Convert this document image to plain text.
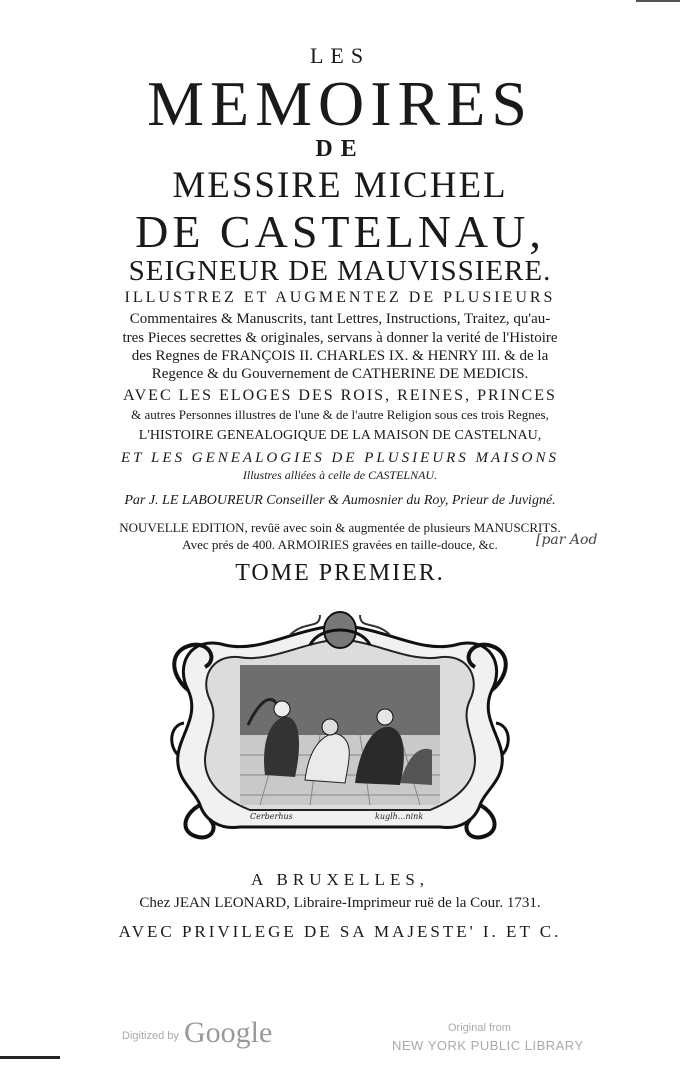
LES
MEMOIRES
DE
MESSIRE MICHEL
DE CASTELNAU,
SEIGNEUR DE MAUVISSIERE.
ILLUSTREZ ET AUGMENTEZ DE PLUSIEURS
Commentaires & Manuscrits, tant Lettres, Instructions, Traitez, qu'au-
tres Pieces secrettes & originales, servans à donner la verité de l'Histoire
des Regnes de FRANÇOIS II. CHARLES IX. & HENRY III. & de la
Regence & du Gouvernement de CATHERINE DE MEDICIS.
AVEC LES ELOGES DES ROIS, REINES, PRINCES
& autres Personnes illustres de l'une & de l'autre Religion sous ces trois Regnes,
L'HISTOIRE GENEALOGIQUE DE LA MAISON DE CASTELNAU,
ET LES GENEALOGIES DE PLUSIEURS MAISONS
Illustres alliées à celle de CASTELNAU.
Par J. LE LABOUREUR Conseiller & Aumosnier du Roy, Prieur de Juvigné.
NOUVELLE EDITION, revûë avec soin & augmentée de plusieurs MANUSCRITS.
Avec prés de 400. ARMOIRIES gravées en taille-douce, &c.	[par Aod
TOME PREMIER.
Cerberhus	kuglh...nink
A BRUXELLES,
Chez JEAN LEONARD, Libraire-Imprimeur ruë de la Cour. 1731.
AVEC PRIVILEGE DE SA MAJESTE' I. ET C.
Digitized by Google	Original from
NEW YORK PUBLIC LIBRARY
